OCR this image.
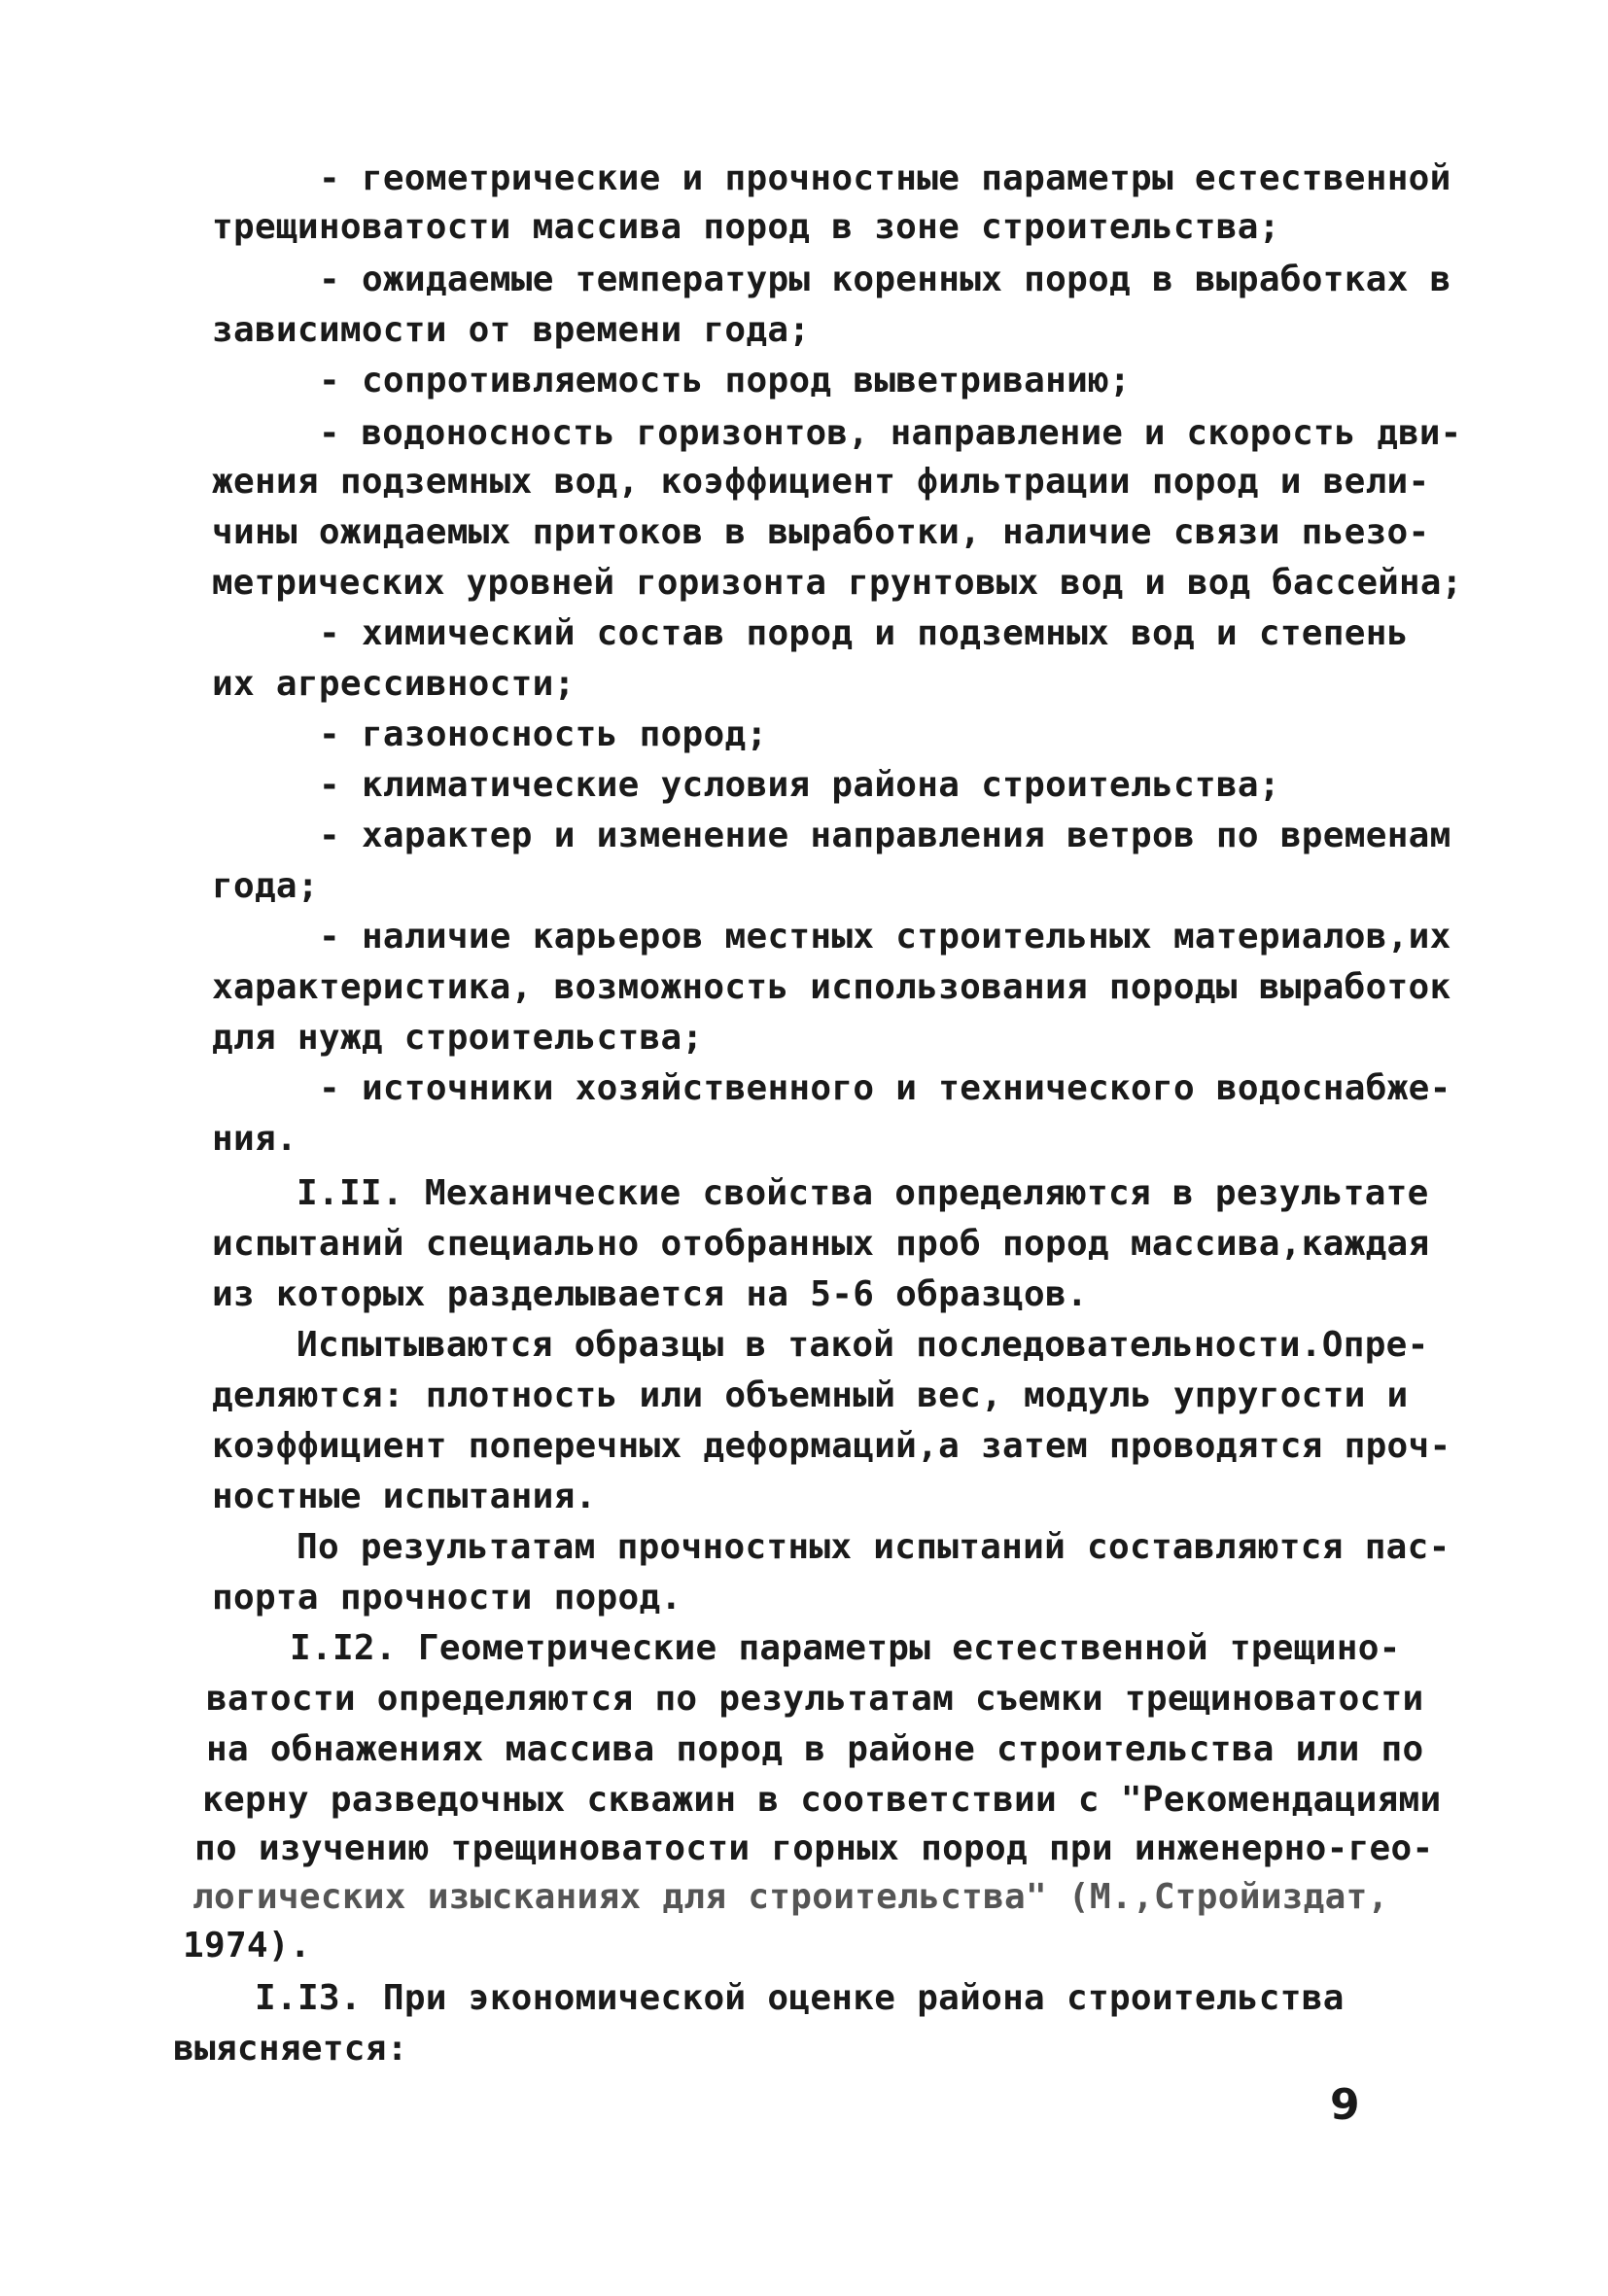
- геометрические и прочностные параметры естественной
трещиноватости массива пород в зоне строительства;
- ожидаемые температуры коренных пород в выработках в
зависимости от времени года;
- сопротивляемость пород выветриванию;
- водоносность горизонтов, направление и скорость дви-
жения подземных вод, коэффициент фильтрации пород и вели-
чины ожидаемых притоков в выработки, наличие связи пьезо-
метрических уровней горизонта грунтовых вод и вод бассейна;
- химический состав пород и подземных вод и степень
их агрессивности;
- газоносность пород;
- климатические условия района строительства;
- характер и изменение направления ветров по временам
года;
- наличие карьеров местных строительных материалов,их
характеристика, возможность использования породы выработок
для нужд строительства;
- источники хозяйственного и технического водоснабже-
ния.
I.II. Механические свойства определяются в результате
испытаний специально отобранных проб пород массива,каждая
из которых разделывается на 5-6 образцов.
Испытываются образцы в такой последовательности.Опре-
деляются: плотность или объемный вес, модуль упругости и
коэффициент поперечных деформаций,а затем проводятся проч-
ностные испытания.
По результатам прочностных испытаний составляются пас-
порта прочности пород.
I.I2. Геометрические параметры естественной трещино-
ватости определяются по результатам съемки трещиноватости
на обнажениях массива пород в районе строительства или по
керну разведочных скважин в соответствии с "Рекомендациями
по изучению трещиноватости горных пород при инженерно-гео-
логических изысканиях для строительства" (М.,Стройиздат,
1974).
I.I3. При экономической оценке района строительства
выясняется:
9
